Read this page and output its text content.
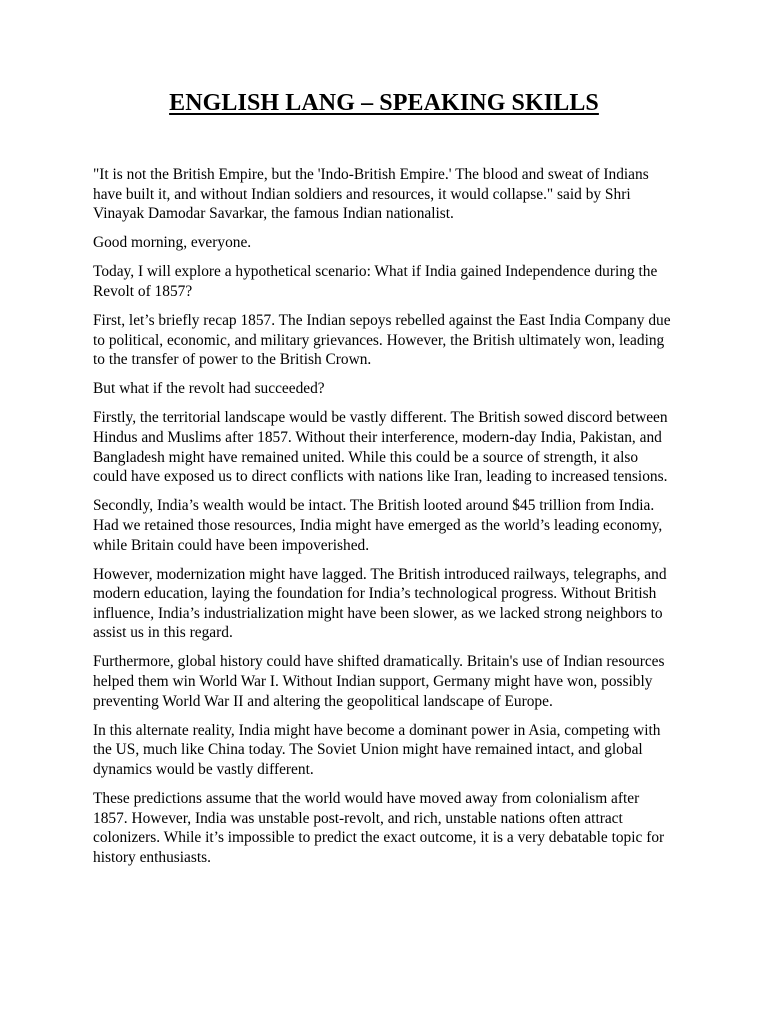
ENGLISH LANG – SPEAKING SKILLS

"It is not the British Empire, but the 'Indo-British Empire.' The blood and sweat of Indians have built it, and without Indian soldiers and resources, it would collapse." said by Shri Vinayak Damodar Savarkar, the famous Indian nationalist.

Good morning, everyone.

Today, I will explore a hypothetical scenario: What if India gained Independence during the Revolt of 1857?

First, let’s briefly recap 1857. The Indian sepoys rebelled against the East India Company due to political, economic, and military grievances. However, the British ultimately won, leading to the transfer of power to the British Crown.

But what if the revolt had succeeded?

Firstly, the territorial landscape would be vastly different. The British sowed discord between Hindus and Muslims after 1857. Without their interference, modern-day India, Pakistan, and Bangladesh might have remained united. While this could be a source of strength, it also could have exposed us to direct conflicts with nations like Iran, leading to increased tensions.

Secondly, India’s wealth would be intact. The British looted around $45 trillion from India. Had we retained those resources, India might have emerged as the world’s leading economy, while Britain could have been impoverished.

However, modernization might have lagged. The British introduced railways, telegraphs, and modern education, laying the foundation for India’s technological progress. Without British influence, India’s industrialization might have been slower, as we lacked strong neighbors to assist us in this regard.

Furthermore, global history could have shifted dramatically. Britain's use of Indian resources helped them win World War I. Without Indian support, Germany might have won, possibly preventing World War II and altering the geopolitical landscape of Europe.

In this alternate reality, India might have become a dominant power in Asia, competing with the US, much like China today. The Soviet Union might have remained intact, and global dynamics would be vastly different.

These predictions assume that the world would have moved away from colonialism after 1857. However, India was unstable post-revolt, and rich, unstable nations often attract colonizers. While it’s impossible to predict the exact outcome, it is a very debatable topic for history enthusiasts.
